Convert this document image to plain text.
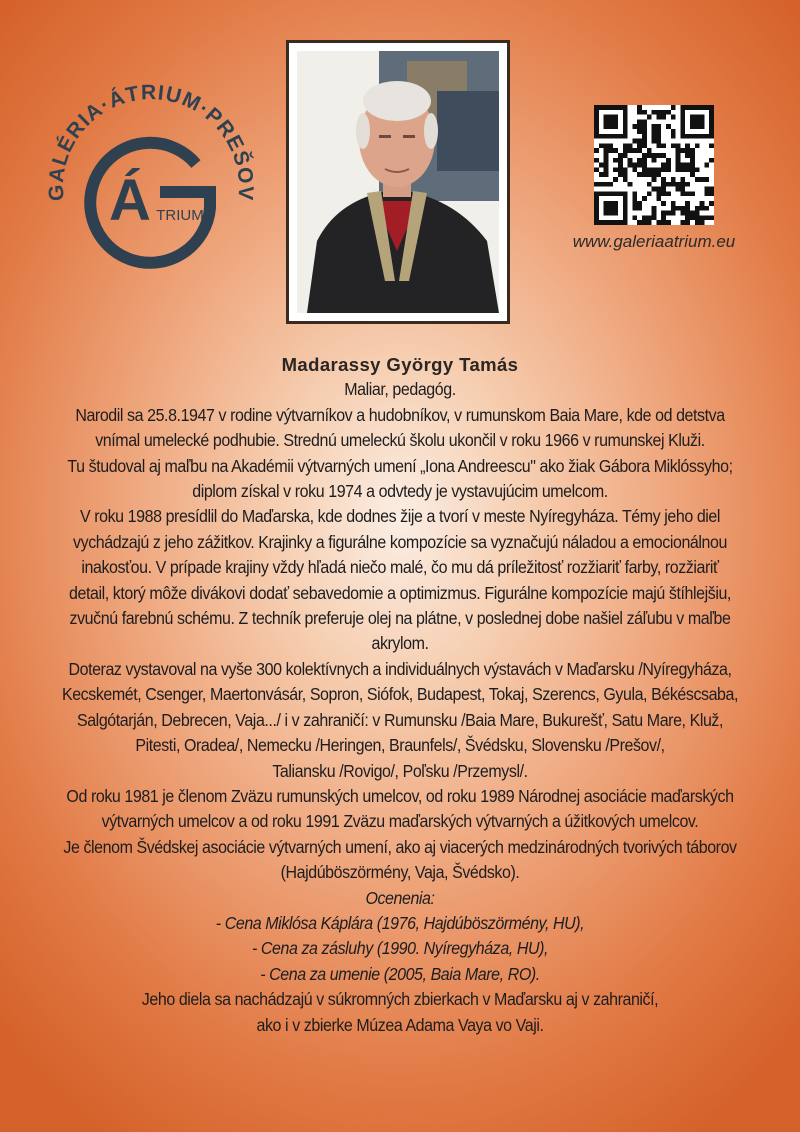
GALÉRIA·ÁTRIUM·PREŠOV
Á TRIUM
www.galeriaatrium.eu
Madarassy György Tamás
Maliar, pedagóg.
Narodil sa 25.8.1947 v rodine výtvarníkov a hudobníkov, v rumunskom Baia Mare, kde od detstva
vnímal umelecké podhubie. Strednú umeleckú školu ukončil v roku 1966 v rumunskej Kluži.
Tu študoval aj maľbu na Akadémii výtvarných umení „Iona Andreescu" ako žiak Gábora Miklóssyho;
diplom získal v roku 1974 a odvtedy je vystavujúcim umelcom.
V roku 1988 presídlil do Maďarska, kde dodnes žije a tvorí v meste Nyíregyháza. Témy jeho diel
vychádzajú z jeho zážitkov. Krajinky a figurálne kompozície sa vyznačujú náladou a emocionálnou
inakosťou. V prípade krajiny vždy hľadá niečo malé, čo mu dá príležitosť rozžiariť farby, rozžiariť
detail, ktorý môže divákovi dodať sebavedomie a optimizmus. Figurálne kompozície majú štíhlejšiu,
zvučnú farebnú schému. Z techník preferuje olej na plátne, v poslednej dobe našiel záľubu v maľbe
akrylom.
Doteraz vystavoval na vyše 300 kolektívnych a individuálnych výstavách v Maďarsku /Nyíregyháza,
Kecskemét, Csenger, Maertonvásár, Sopron, Siófok, Budapest, Tokaj, Szerencs, Gyula, Békéscsaba,
Salgótarján, Debrecen, Vaja.../ i v zahraničí: v Rumunsku /Baia Mare, Bukurešť, Satu Mare, Kluž,
Pitesti, Oradea/, Nemecku /Heringen, Braunfels/, Švédsku, Slovensku /Prešov/,
Taliansku /Rovigo/, Poľsku /Przemysl/.
Od roku 1981 je členom Zväzu rumunských umelcov, od roku 1989 Národnej asociácie maďarských
výtvarných umelcov a od roku 1991 Zväzu maďarských výtvarných a úžitkových umelcov.
Je členom Švédskej asociácie výtvarných umení, ako aj viacerých medzinárodných tvorivých táborov
(Hajdúböszörmény, Vaja, Švédsko).
Ocenenia:
- Cena Miklósa Káplára (1976, Hajdúböszörmény, HU),
- Cena za zásluhy (1990. Nyíregyháza, HU),
- Cena za umenie (2005, Baia Mare, RO).
Jeho diela sa nachádzajú v súkromných zbierkach v Maďarsku aj v zahraničí,
ako i v zbierke Múzea Adama Vaya vo Vaji.
